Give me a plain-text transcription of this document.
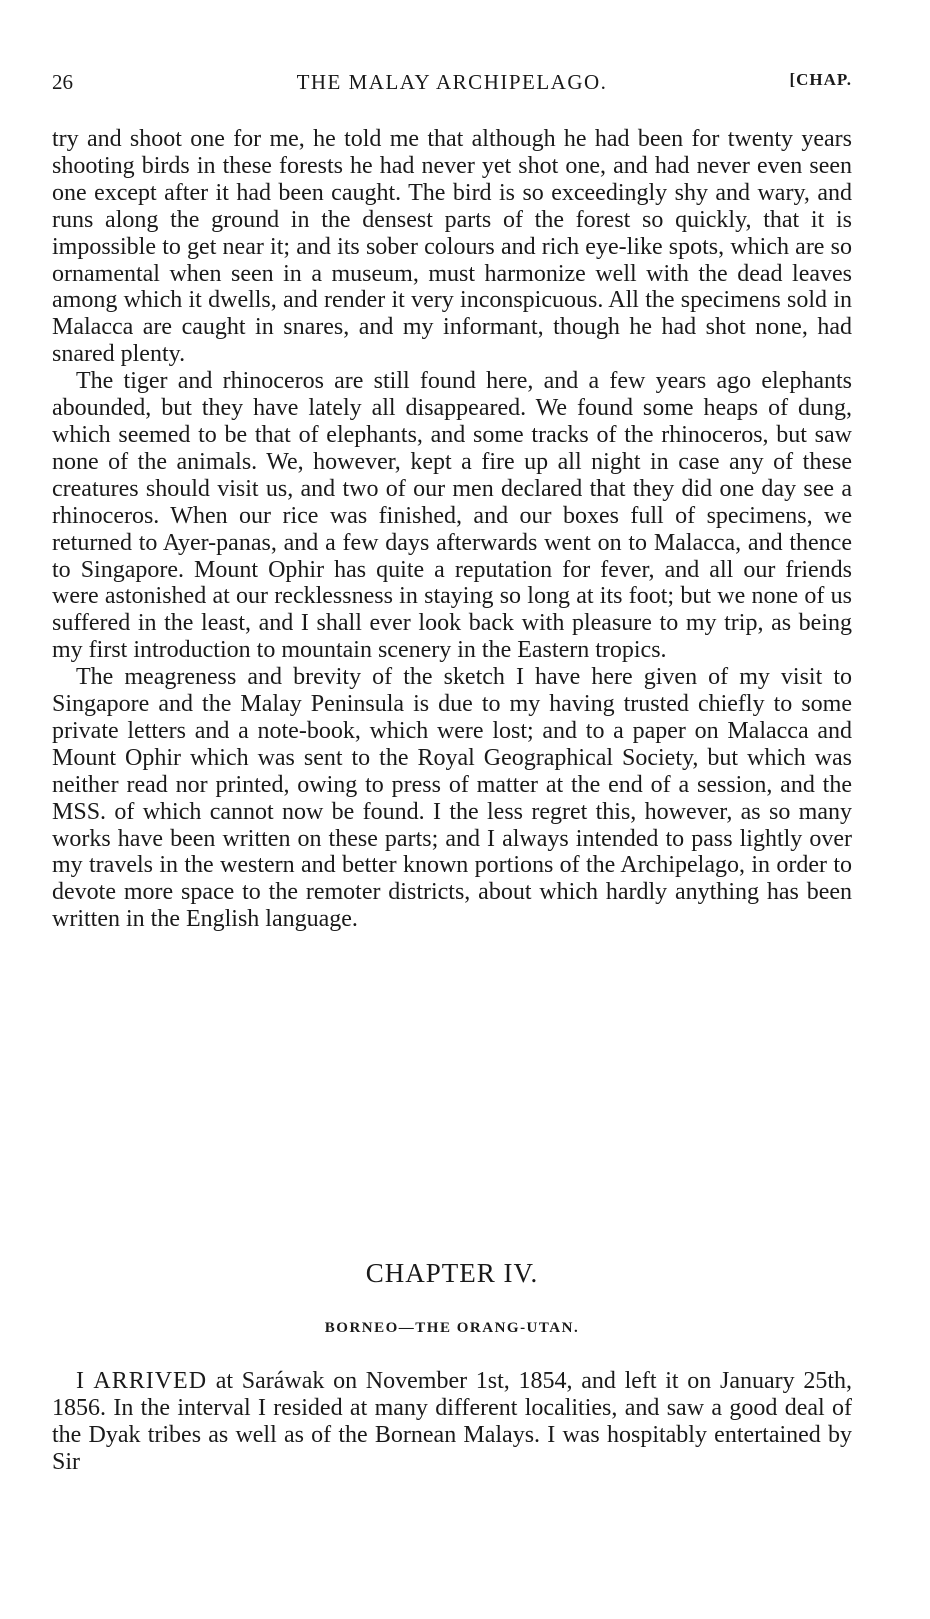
26	THE MALAY ARCHIPELAGO.	[CHAP.

try and shoot one for me, he told me that although he had been for twenty years shooting birds in these forests he had never yet shot one, and had never even seen one except after it had been caught. The bird is so exceedingly shy and wary, and runs along the ground in the densest parts of the forest so quickly, that it is impossible to get near it; and its sober colours and rich eye-like spots, which are so ornamental when seen in a museum, must harmonize well with the dead leaves among which it dwells, and render it very inconspicuous. All the specimens sold in Malacca are caught in snares, and my informant, though he had shot none, had snared plenty.

The tiger and rhinoceros are still found here, and a few years ago elephants abounded, but they have lately all disappeared. We found some heaps of dung, which seemed to be that of elephants, and some tracks of the rhinoceros, but saw none of the animals. We, however, kept a fire up all night in case any of these creatures should visit us, and two of our men declared that they did one day see a rhinoceros. When our rice was finished, and our boxes full of specimens, we returned to Ayer-panas, and a few days afterwards went on to Malacca, and thence to Singapore. Mount Ophir has quite a reputation for fever, and all our friends were astonished at our recklessness in staying so long at its foot; but we none of us suffered in the least, and I shall ever look back with pleasure to my trip, as being my first introduction to mountain scenery in the Eastern tropics.

The meagreness and brevity of the sketch I have here given of my visit to Singapore and the Malay Peninsula is due to my having trusted chiefly to some private letters and a note-book, which were lost; and to a paper on Malacca and Mount Ophir which was sent to the Royal Geographical Society, but which was neither read nor printed, owing to press of matter at the end of a session, and the MSS. of which cannot now be found. I the less regret this, however, as so many works have been written on these parts; and I always intended to pass lightly over my travels in the western and better known portions of the Archipelago, in order to devote more space to the remoter districts, about which hardly anything has been written in the English language.

CHAPTER IV.
BORNEO—THE ORANG-UTAN.

I ARRIVED at Saráwak on November 1st, 1854, and left it on January 25th, 1856. In the interval I resided at many different localities, and saw a good deal of the Dyak tribes as well as of the Bornean Malays. I was hospitably entertained by Sir
